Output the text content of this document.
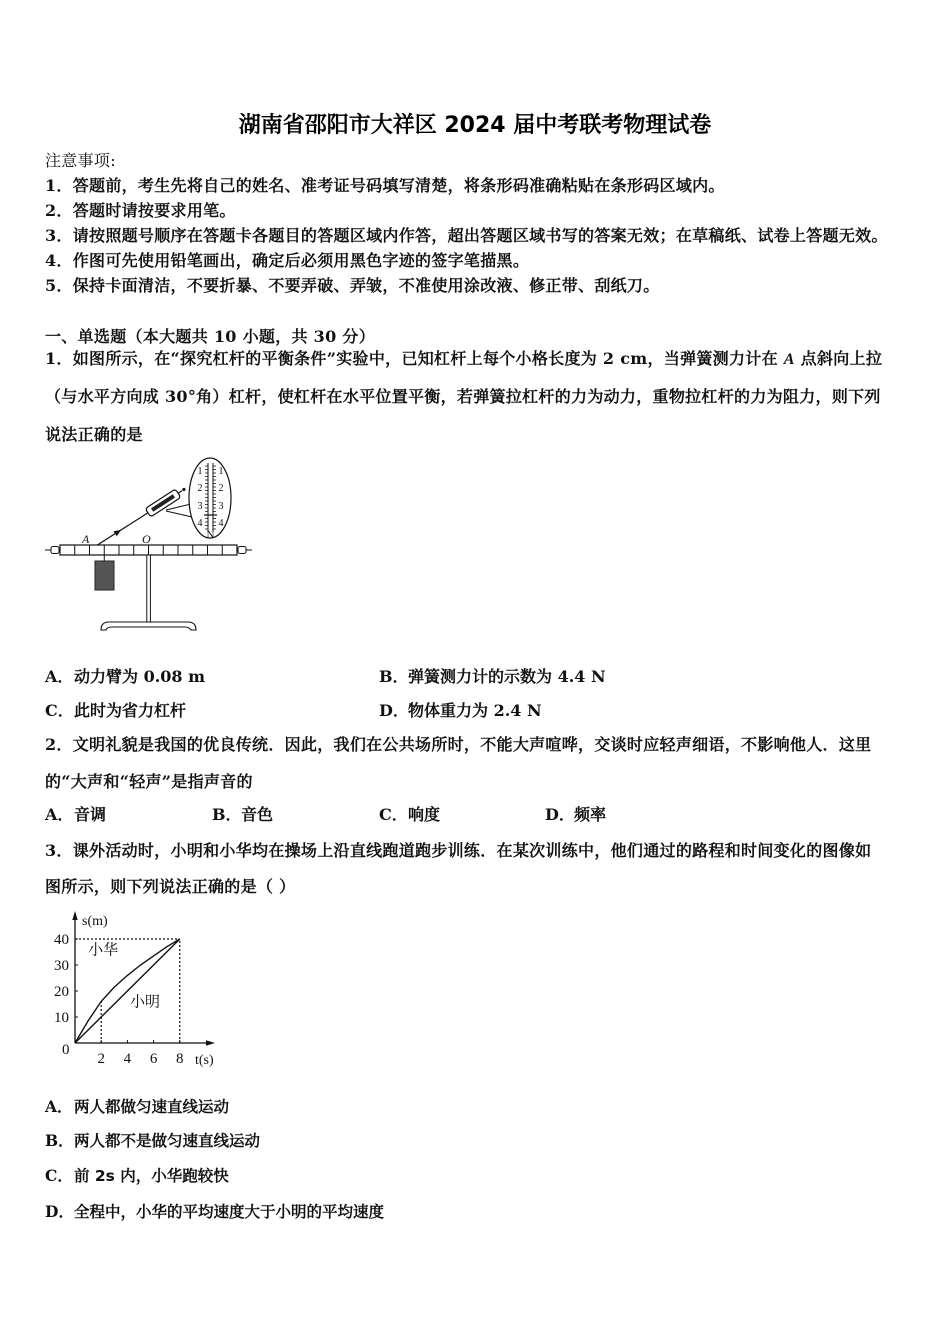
湖南省邵阳市大祥区 2024 届中考联考物理试卷
注意事项:
1．答题前，考生先将自己的姓名、准考证号码填写清楚，将条形码准确粘贴在条形码区域内。
2．答题时请按要求用笔。
3．请按照题号顺序在答题卡各题目的答题区域内作答，超出答题区域书写的答案无效；在草稿纸、试卷上答题无效。
4．作图可先使用铅笔画出，确定后必须用黑色字迹的签字笔描黑。
5．保持卡面清洁，不要折暴、不要弄破、弄皱，不准使用涂改液、修正带、刮纸刀。
一、单选题（本大题共 10 小题，共 30 分）
1．如图所示，在“探究杠杆的平衡条件”实验中，已知杠杆上每个小格长度为 2 cm，当弹簧测力计在 A 点斜向上拉
（与水平方向成 30°角）杠杆，使杠杆在水平位置平衡，若弹簧拉杠杆的力为动力，重物拉杠杆的力为阻力，则下列
说法正确的是
1
2
3
4
1
2
3
4
N
A	O
A．动力臂为 0.08 m	B．弹簧测力计的示数为 4.4 N
C．此时为省力杠杆	D．物体重力为 2.4 N
2．文明礼貌是我国的优良传统．因此，我们在公共场所时，不能大声喧哗，交谈时应轻声细语，不影响他人．这里
的“大声和“轻声”是指声音的
A．音调	B．音色	C．响度	D．频率
3．课外活动时，小明和小华均在操场上沿直线跑道跑步训练．在某次训练中，他们通过的路程和时间变化的图像如
图所示，则下列说法正确的是（ ）
10
20
30
40
2 4 6 8
小华
小明
0
s(m)
t(s)
A．两人都做匀速直线运动
B．两人都不是做匀速直线运动
C．前 2s 内，小华跑较快
D．全程中，小华的平均速度大于小明的平均速度
